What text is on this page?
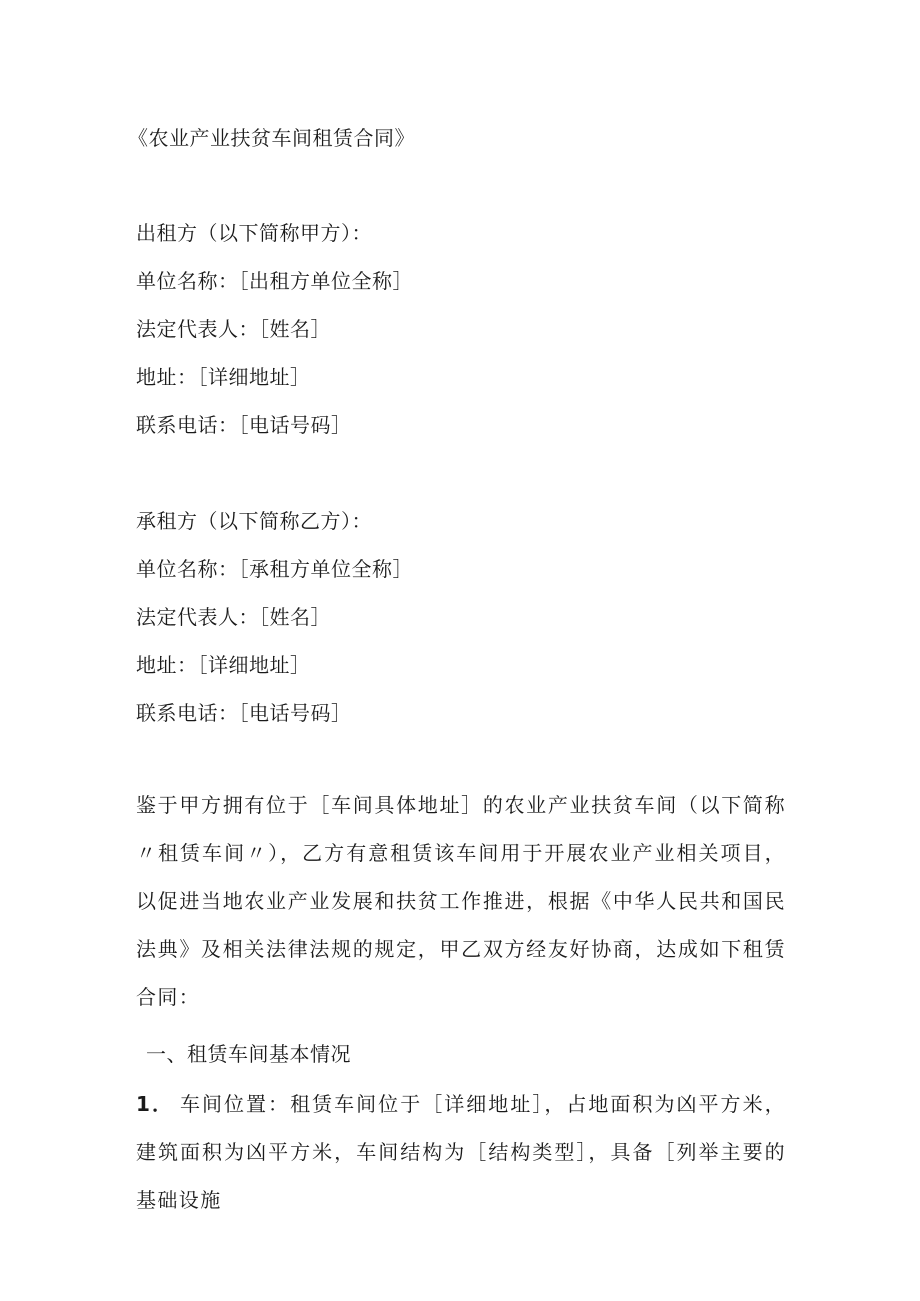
《农业产业扶贫车间租赁合同》
出租方（以下简称甲方）：
单位名称：［出租方单位全称］
法定代表人：［姓名］
地址：［详细地址］
联系电话：［电话号码］
承租方（以下简称乙方）：
单位名称：［承租方单位全称］
法定代表人：［姓名］
地址：［详细地址］
联系电话：［电话号码］
鉴于甲方拥有位于［车间具体地址］的农业产业扶贫车间（以下简称〃租赁车间〃），乙方有意租赁该车间用于开展农业产业相关项目，以促进当地农业产业发展和扶贫工作推进，根据《中华人民共和国民法典》及相关法律法规的规定，甲乙双方经友好协商，达成如下租赁合同：
一、租赁车间基本情况
1． 车间位置：租赁车间位于［详细地址］，占地面积为凶平方米，建筑面积为凶平方米，车间结构为［结构类型］，具备［列举主要的基础设施
